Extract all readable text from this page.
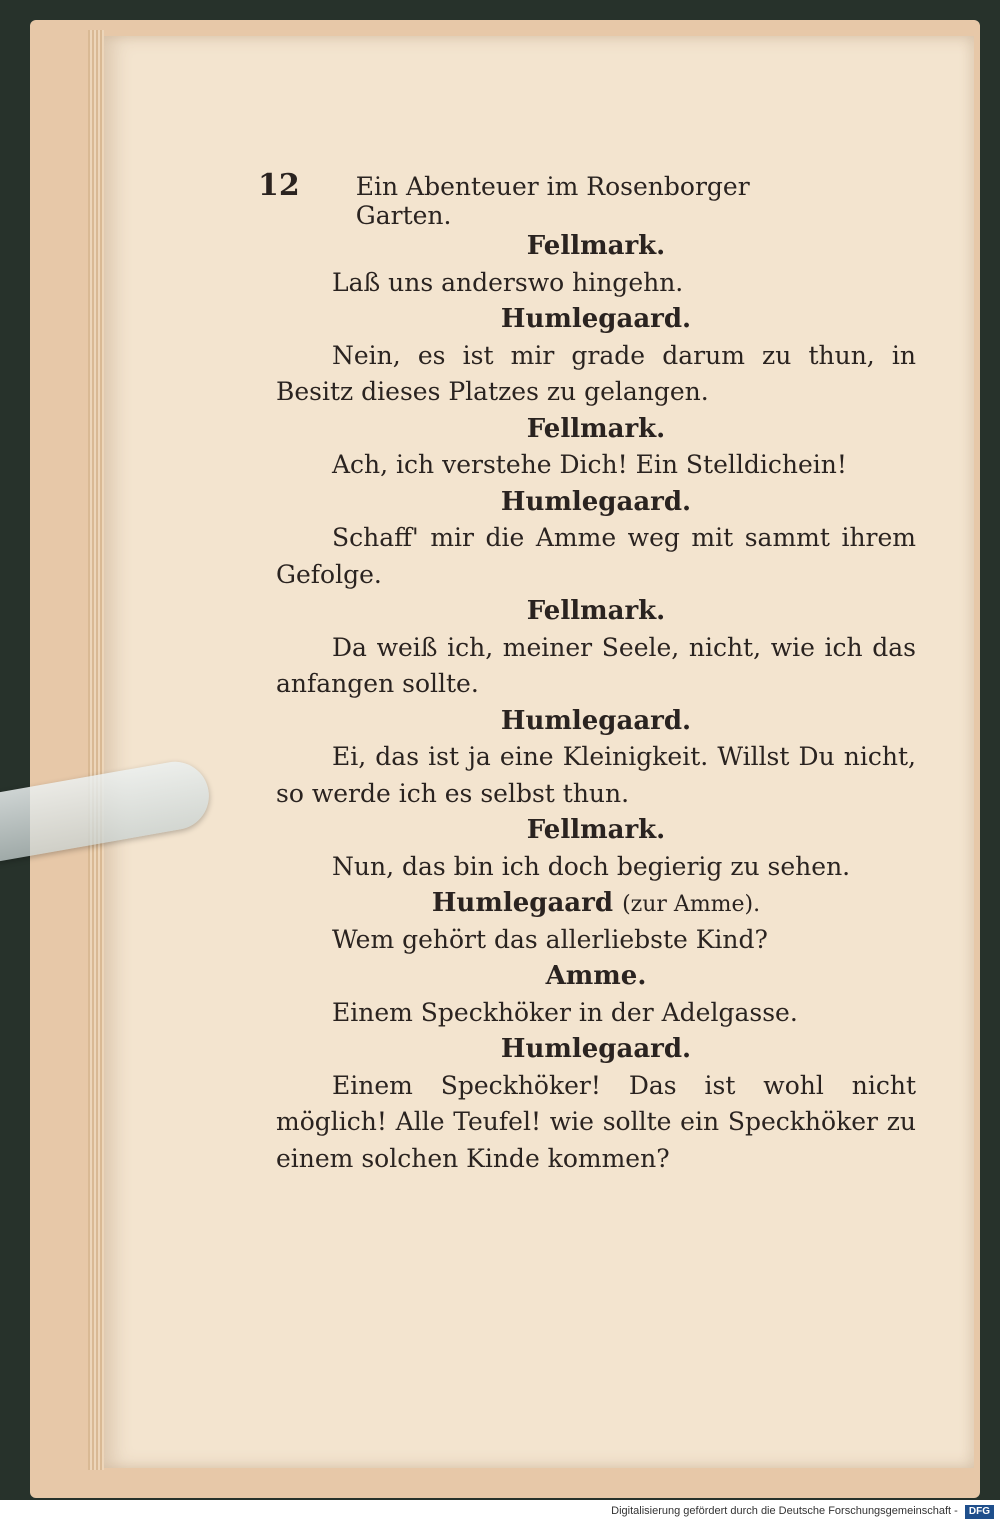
12	Ein Abenteuer im Rosenborger Garten.
Fellmark.
Laß uns anderswo hingehn.
Humlegaard.
Nein, es ist mir grade darum zu thun, in Besitz dieses Platzes zu gelangen.
Fellmark.
Ach, ich verstehe Dich! Ein Stelldichein!
Humlegaard.
Schaff' mir die Amme weg mit sammt ihrem Gefolge.
Fellmark.
Da weiß ich, meiner Seele, nicht, wie ich das anfangen sollte.
Humlegaard.
Ei, das ist ja eine Kleinigkeit. Willst Du nicht, so werde ich es selbst thun.
Fellmark.
Nun, das bin ich doch begierig zu sehen.
Humlegaard (zur Amme).
Wem gehört das allerliebste Kind?
Amme.
Einem Speckhöker in der Adelgasse.
Humlegaard.
Einem Speckhöker! Das ist wohl nicht möglich! Alle Teufel! wie sollte ein Speckhöker zu einem solchen Kinde kommen?
Digitalisierung gefördert durch die Deutsche Forschungsgemeinschaft - DFG
